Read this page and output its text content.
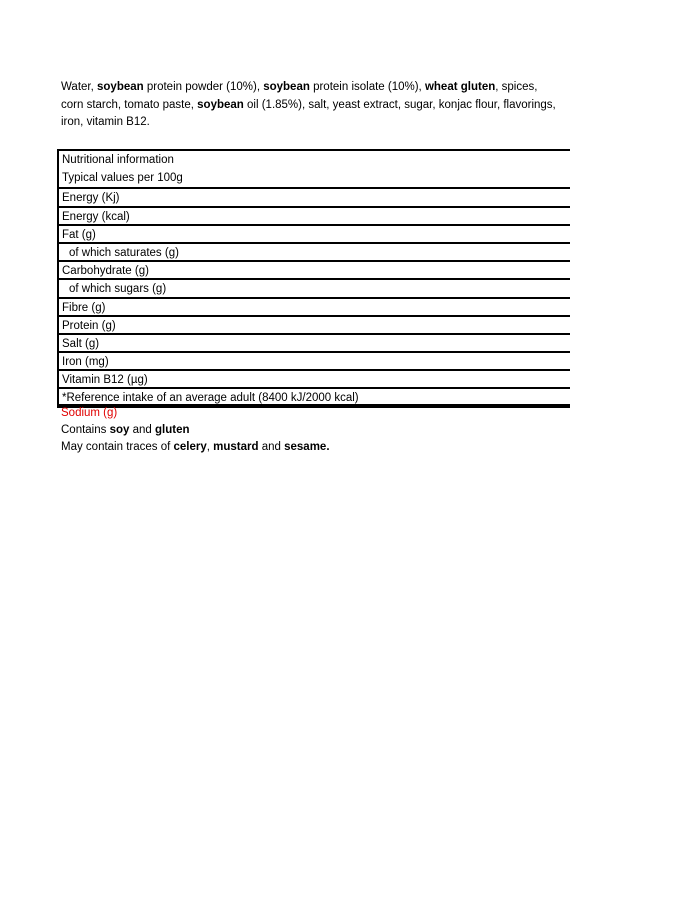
Water, soybean protein powder (10%), soybean protein isolate (10%), wheat gluten, spices, corn starch, tomato paste, soybean oil (1.85%), salt, yeast extract, sugar, konjac flour, flavorings, iron, vitamin B12.

Nutritional information
Typical values per 100g
Energy (Kj)
Energy (kcal)
Fat (g)
of which saturates (g)
Carbohydrate (g)
of which sugars (g)
Fibre (g)
Protein (g)
Salt (g)
Iron (mg)
Vitamin B12 (µg)
*Reference intake of an average adult (8400 kJ/2000 kcal)
Sodium (g)
Contains soy and gluten
May contain traces of celery, mustard and sesame.
